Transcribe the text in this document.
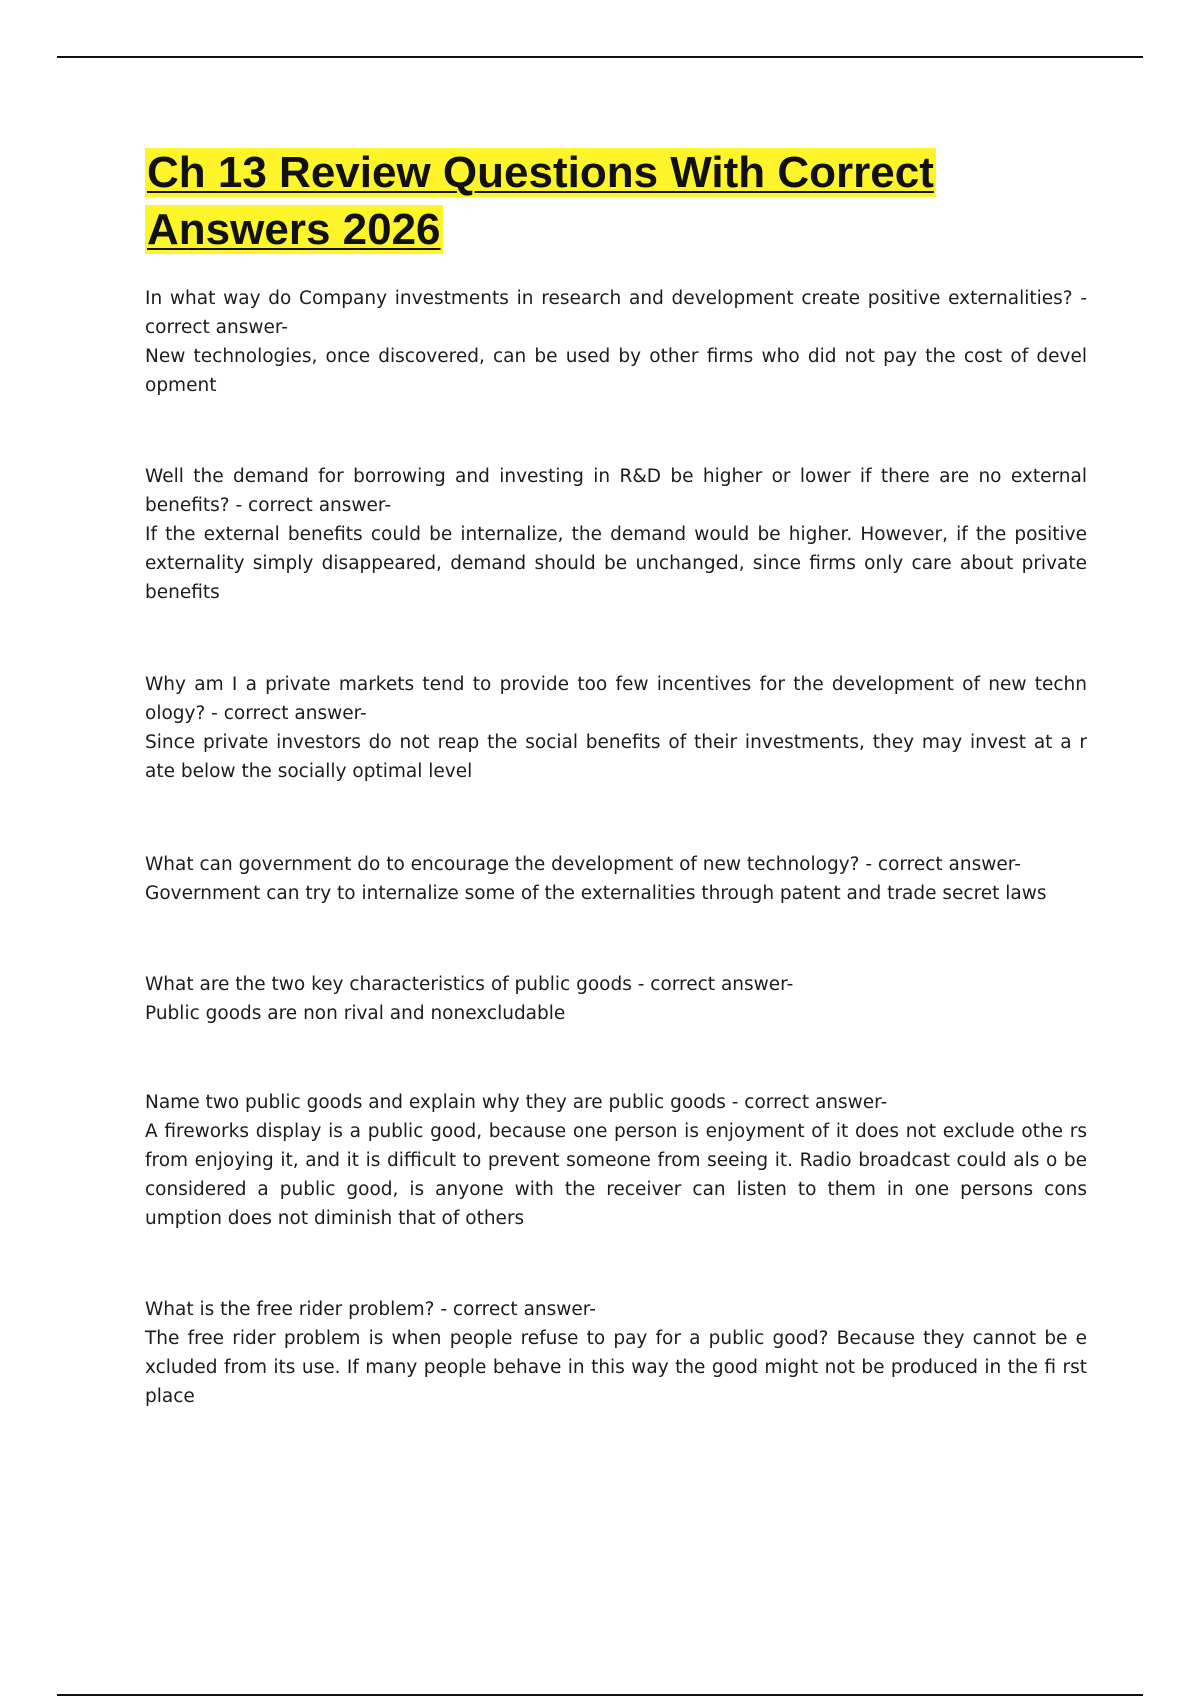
Ch 13 Review Questions With Correct Answers 2026

In what way do Company investments in research and development create positive externalities? - correct answer-

New technologies, once discovered, can be used by other firms who did not pay the cost of devel opment

Well the demand for borrowing and investing in R&D be higher or lower if there are no external benefits? - correct answer-

If the external benefits could be internalize, the demand would be higher. However, if the positive externality simply disappeared, demand should be unchanged, since firms only care about private benefits

Why am I a private markets tend to provide too few incentives for the development of new techn ology? - correct answer-

Since private investors do not reap the social benefits of their investments, they may invest at a r ate below the socially optimal level

What can government do to encourage the development of new technology? - correct answer-

Government can try to internalize some of the externalities through patent and trade secret laws

What are the two key characteristics of public goods - correct answer-

Public goods are non rival and nonexcludable

Name two public goods and explain why they are public goods - correct answer-

A fireworks display is a public good, because one person is enjoyment of it does not exclude othe rs from enjoying it, and it is difficult to prevent someone from seeing it. Radio broadcast could als o be considered a public good, is anyone with the receiver can listen to them in one persons cons umption does not diminish that of others

What is the free rider problem? - correct answer-

The free rider problem is when people refuse to pay for a public good? Because they cannot be e xcluded from its use. If many people behave in this way the good might not be produced in the fi rst place
